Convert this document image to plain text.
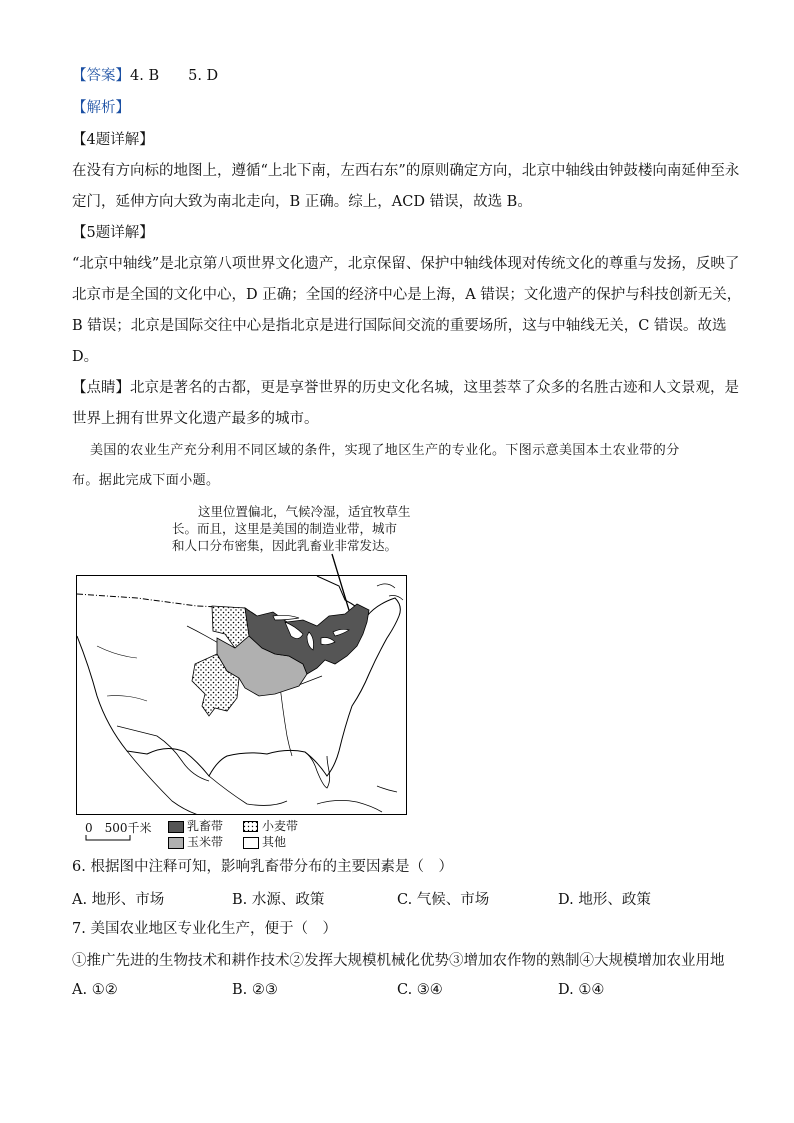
【答案】4. B　　5. D
【解析】
【4题详解】
在没有方向标的地图上，遵循“上北下南，左西右东”的原则确定方向，北京中轴线由钟鼓楼向南延伸至永
定门，延伸方向大致为南北走向，B 正确。综上，ACD 错误，故选 B。
【5题详解】
“北京中轴线”是北京第八项世界文化遗产，北京保留、保护中轴线体现对传统文化的尊重与发扬，反映了
北京市是全国的文化中心，D 正确；全国的经济中心是上海，A 错误；文化遗产的保护与科技创新无关，
B 错误；北京是国际交往中心是指北京是进行国际间交流的重要场所，这与中轴线无关，C 错误。故选
D。
【点睛】北京是著名的古都，更是享誉世界的历史文化名城，这里荟萃了众多的名胜古迹和人文景观，是
世界上拥有世界文化遗产最多的城市。
美国的农业生产充分利用不同区域的条件，实现了地区生产的专业化。下图示意美国本土农业带的分
布。据此完成下面小题。
这里位置偏北，气候冷湿，适宜牧草生
长。而且，这里是美国的制造业带，城市
和人口分布密集，因此乳畜业非常发达。
0　500千米	乳畜带	小麦带
玉米带	其他
6. 根据图中注释可知，影响乳畜带分布的主要因素是（　）
A. 地形、市场	B. 水源、政策	C. 气候、市场	D. 地形、政策
7. 美国农业地区专业化生产，便于（　）
①推广先进的生物技术和耕作技术②发挥大规模机械化优势③增加农作物的熟制④大规模增加农业用地
A. ①②	B. ②③	C. ③④	D. ①④
